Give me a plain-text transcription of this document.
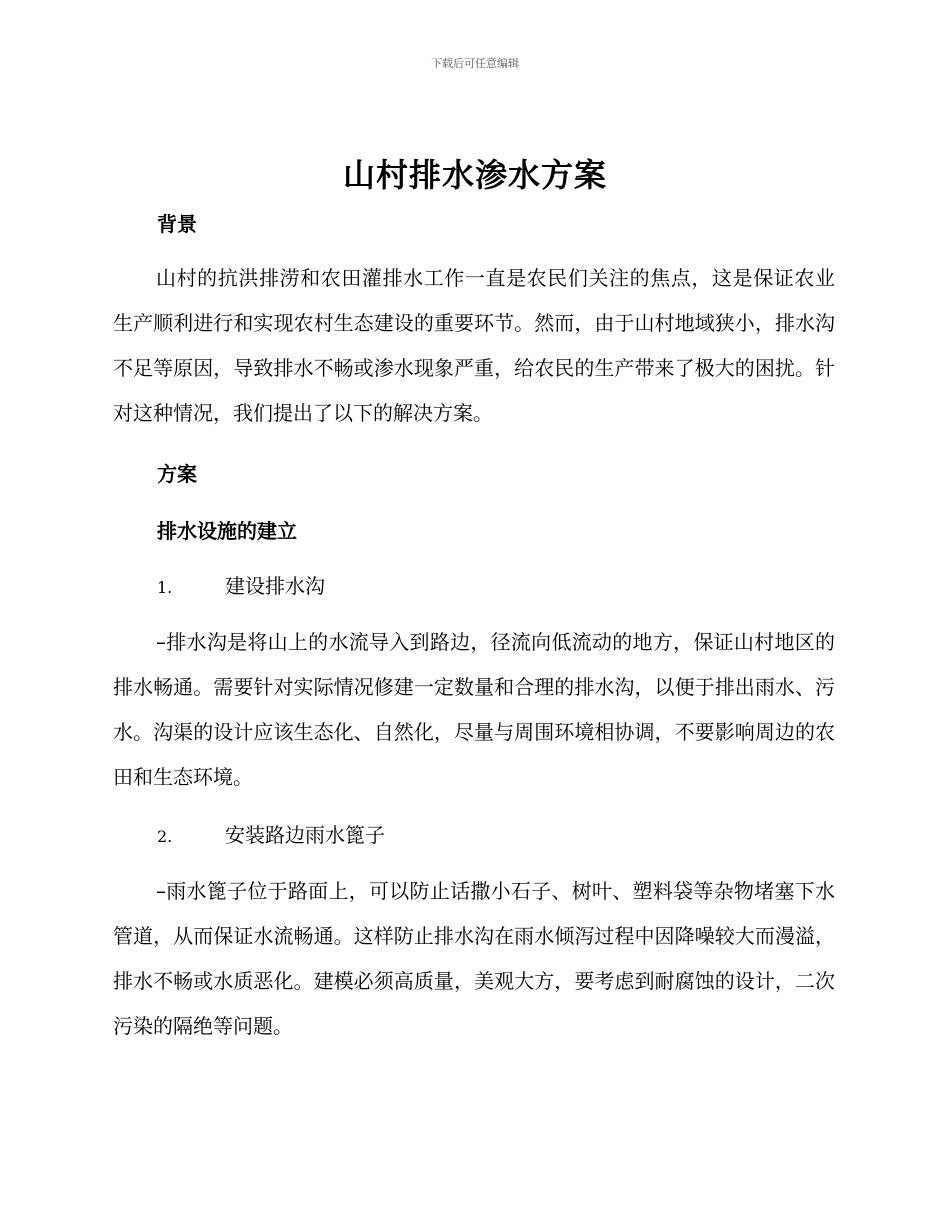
下载后可任意编辑
山村排水渗水方案
背景

山村的抗洪排涝和农田灌排水工作一直是农民们关注的焦点，这是保证农业生产顺利进行和实现农村生态建设的重要环节。然而，由于山村地域狭小，排水沟不足等原因，导致排水不畅或渗水现象严重，给农民的生产带来了极大的困扰。针对这种情况，我们提出了以下的解决方案。

方案
排水设施的建立
1.	建设排水沟

–排水沟是将山上的水流导入到路边，径流向低流动的地方，保证山村地区的排水畅通。需要针对实际情况修建一定数量和合理的排水沟，以便于排出雨水、污水。沟渠的设计应该生态化、自然化，尽量与周围环境相协调，不要影响周边的农田和生态环境。

2.	安装路边雨水篦子

–雨水篦子位于路面上，可以防止话撒小石子、树叶、塑料袋等杂物堵塞下水管道，从而保证水流畅通。这样防止排水沟在雨水倾泻过程中因降噪较大而漫溢，排水不畅或水质恶化。建模必须高质量，美观大方，要考虑到耐腐蚀的设计，二次污染的隔绝等问题。
